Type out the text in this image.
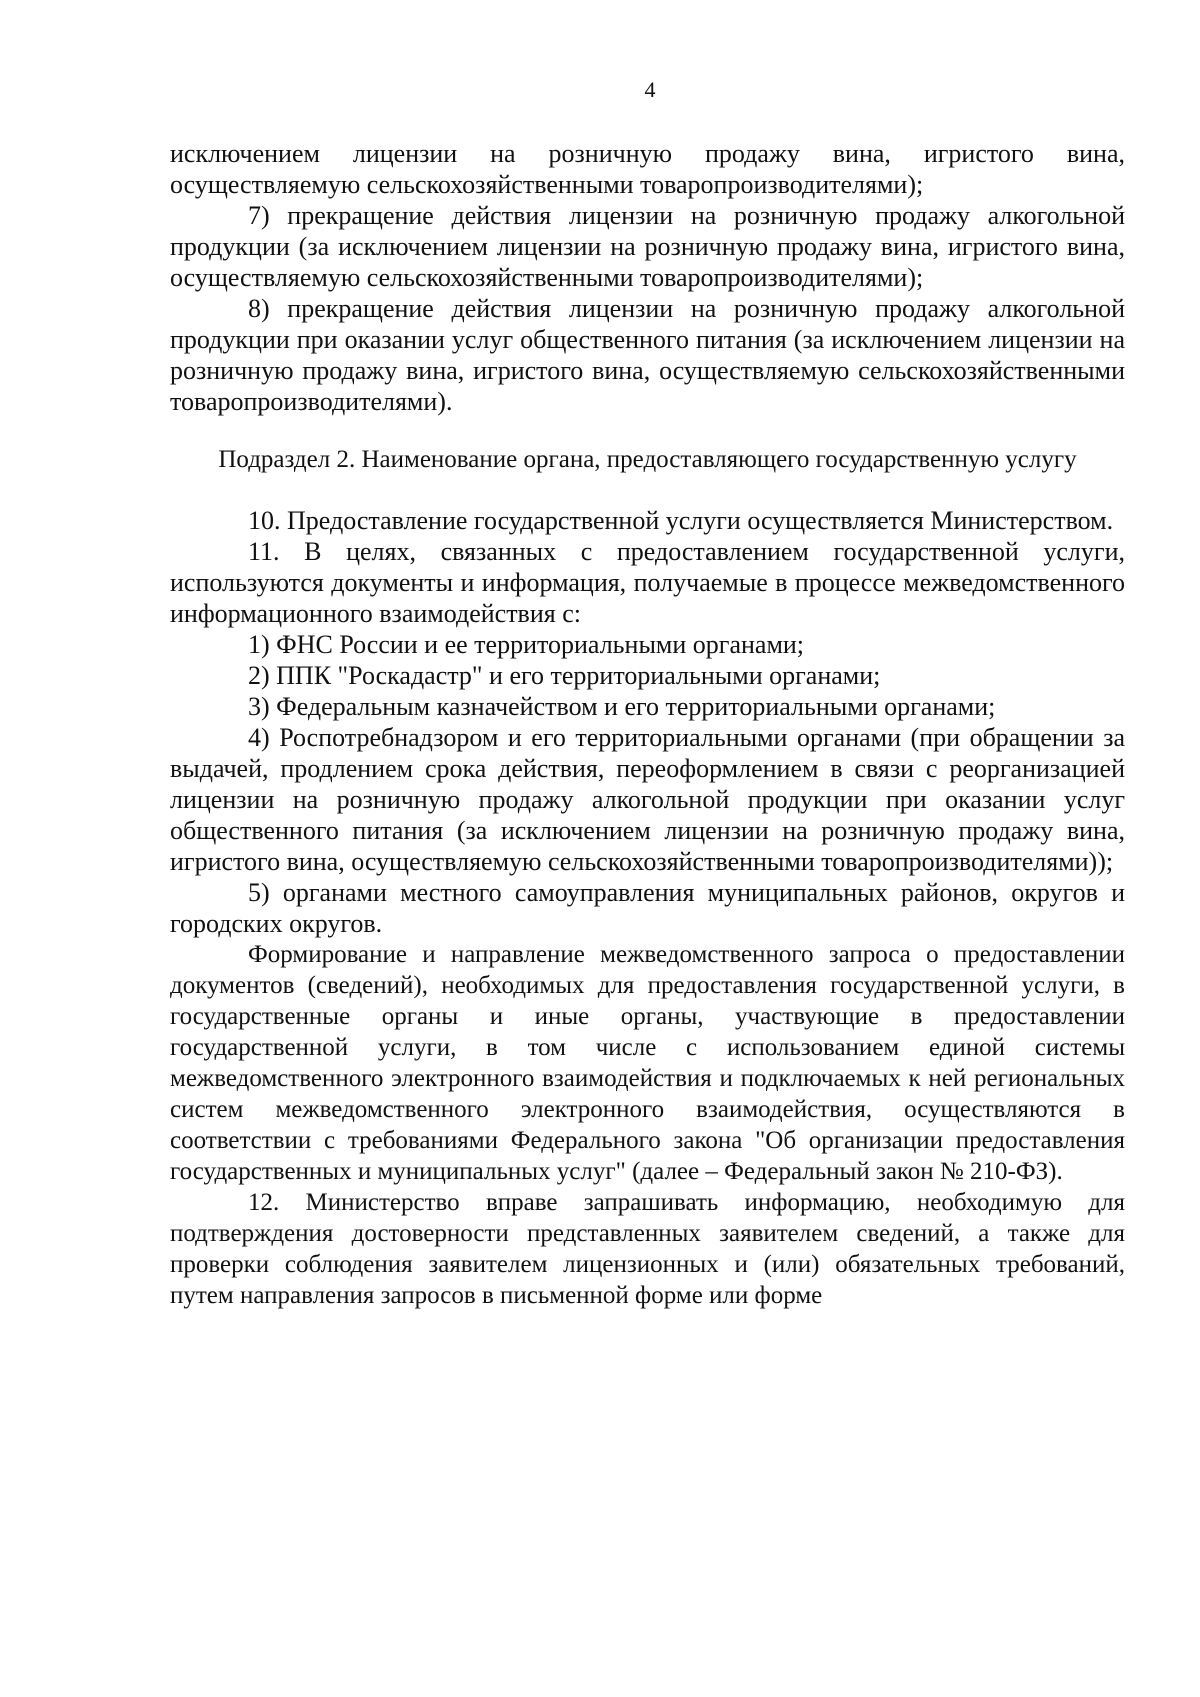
4

исключением лицензии на розничную продажу вина, игристого вина, осуществляемую сельскохозяйственными товаропроизводителями);

7) прекращение действия лицензии на розничную продажу алкогольной продукции (за исключением лицензии на розничную продажу вина, игристого вина, осуществляемую сельскохозяйственными товаропроизводителями);

8) прекращение действия лицензии на розничную продажу алкогольной продукции при оказании услуг общественного питания (за исключением лицензии на розничную продажу вина, игристого вина, осуществляемую сельскохозяйственными товаропроизводителями).

Подраздел 2. Наименование органа, предоставляющего государственную услугу

10. Предоставление государственной услуги осуществляется Министерством.

11. В целях, связанных с предоставлением государственной услуги, используются документы и информация, получаемые в процессе межведомственного информационного взаимодействия с:

1) ФНС России и ее территориальными органами;

2) ППК "Роскадастр" и его территориальными органами;

3) Федеральным казначейством и его территориальными органами;

4) Роспотребнадзором и его территориальными органами (при обращении за выдачей, продлением срока действия, переоформлением в связи с реорганизацией лицензии на розничную продажу алкогольной продукции при оказании услуг общественного питания (за исключением лицензии на розничную продажу вина, игристого вина, осуществляемую сельскохозяйственными товаропроизводителями));

5) органами местного самоуправления муниципальных районов, округов и городских округов.

Формирование и направление межведомственного запроса о предоставлении документов (сведений), необходимых для предоставления государственной услуги, в государственные органы и иные органы, участвующие в предоставлении государственной услуги, в том числе с использованием единой системы межведомственного электронного взаимодействия и подключаемых к ней региональных систем межведомственного электронного взаимодействия, осуществляются в соответствии с требованиями Федерального закона "Об организации предоставления государственных и муниципальных услуг" (далее – Федеральный закон № 210-ФЗ).

12. Министерство вправе запрашивать информацию, необходимую для подтверждения достоверности представленных заявителем сведений, а также для проверки соблюдения заявителем лицензионных и (или) обязательных требований, путем направления запросов в письменной форме или форме
